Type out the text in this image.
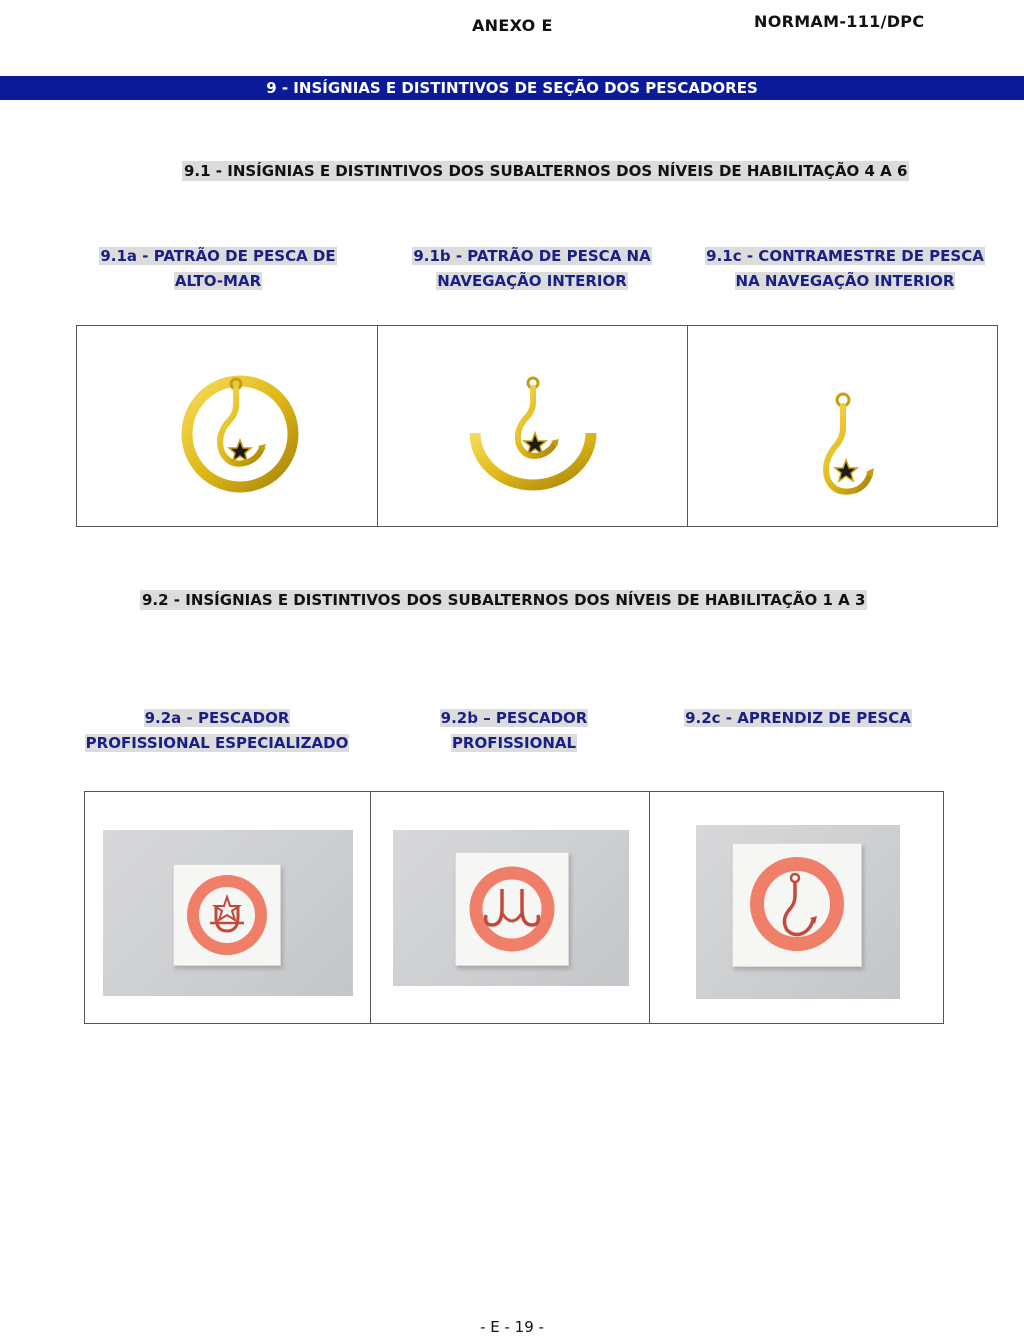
ANEXO E	NORMAM-111/DPC
9 - INSÍGNIAS E DISTINTIVOS DE SEÇÃO DOS PESCADORES
9.1 - INSÍGNIAS E DISTINTIVOS DOS SUBALTERNOS DOS NÍVEIS DE HABILITAÇÃO 4 A 6
9.1a - PATRÃO DE PESCA DE
ALTO-MAR
9.1b - PATRÃO DE PESCA NA
NAVEGAÇÃO INTERIOR
9.1c - CONTRAMESTRE DE PESCA
NA NAVEGAÇÃO INTERIOR
9.2 - INSÍGNIAS E DISTINTIVOS DOS SUBALTERNOS DOS NÍVEIS DE HABILITAÇÃO 1 A 3
9.2a - PESCADOR
PROFISSIONAL ESPECIALIZADO
9.2b – PESCADOR
PROFISSIONAL
9.2c - APRENDIZ DE PESCA
- E - 19 -
